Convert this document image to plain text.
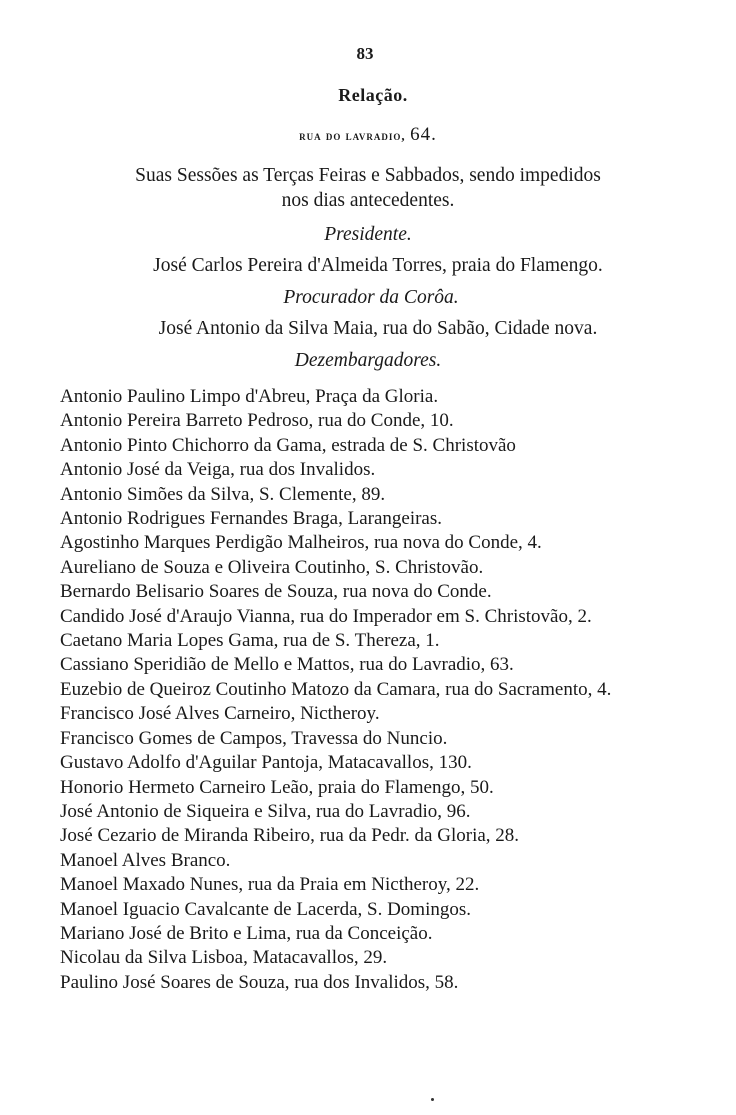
83
Relação.
rua do lavradio, 64.
Suas Sessões as Terças Feiras e Sabbados, sendo impedidos
nos dias antecedentes.
Presidente.
José Carlos Pereira d'Almeida Torres, praia do Flamengo.
Procurador da Corôa.
José Antonio da Silva Maia, rua do Sabão, Cidade nova.
Dezembargadores.
Antonio Paulino Limpo d'Abreu, Praça da Gloria.
Antonio Pereira Barreto Pedroso, rua do Conde, 10.
Antonio Pinto Chichorro da Gama, estrada de S. Christovão
Antonio José da Veiga, rua dos Invalidos.
Antonio Simões da Silva, S. Clemente, 89.
Antonio Rodrigues Fernandes Braga, Larangeiras.
Agostinho Marques Perdigão Malheiros, rua nova do Conde, 4.
Aureliano de Souza e Oliveira Coutinho, S. Christovão.
Bernardo Belisario Soares de Souza, rua nova do Conde.
Candido José d'Araujo Vianna, rua do Imperador em S. Christovão, 2.
Caetano Maria Lopes Gama, rua de S. Thereza, 1.
Cassiano Speridião de Mello e Mattos, rua do Lavradio, 63.
Euzebio de Queiroz Coutinho Matozo da Camara, rua do Sacramento, 4.
Francisco José Alves Carneiro, Nictheroy.
Francisco Gomes de Campos, Travessa do Nuncio.
Gustavo Adolfo d'Aguilar Pantoja, Matacavallos, 130.
Honorio Hermeto Carneiro Leão, praia do Flamengo, 50.
José Antonio de Siqueira e Silva, rua do Lavradio, 96.
José Cezario de Miranda Ribeiro, rua da Pedr. da Gloria, 28.
Manoel Alves Branco.
Manoel Maxado Nunes, rua da Praia em Nictheroy, 22.
Manoel Iguacio Cavalcante de Lacerda, S. Domingos.
Mariano José de Brito e Lima, rua da Conceição.
Nicolau da Silva Lisboa, Matacavallos, 29.
Paulino José Soares de Souza, rua dos Invalidos, 58.
